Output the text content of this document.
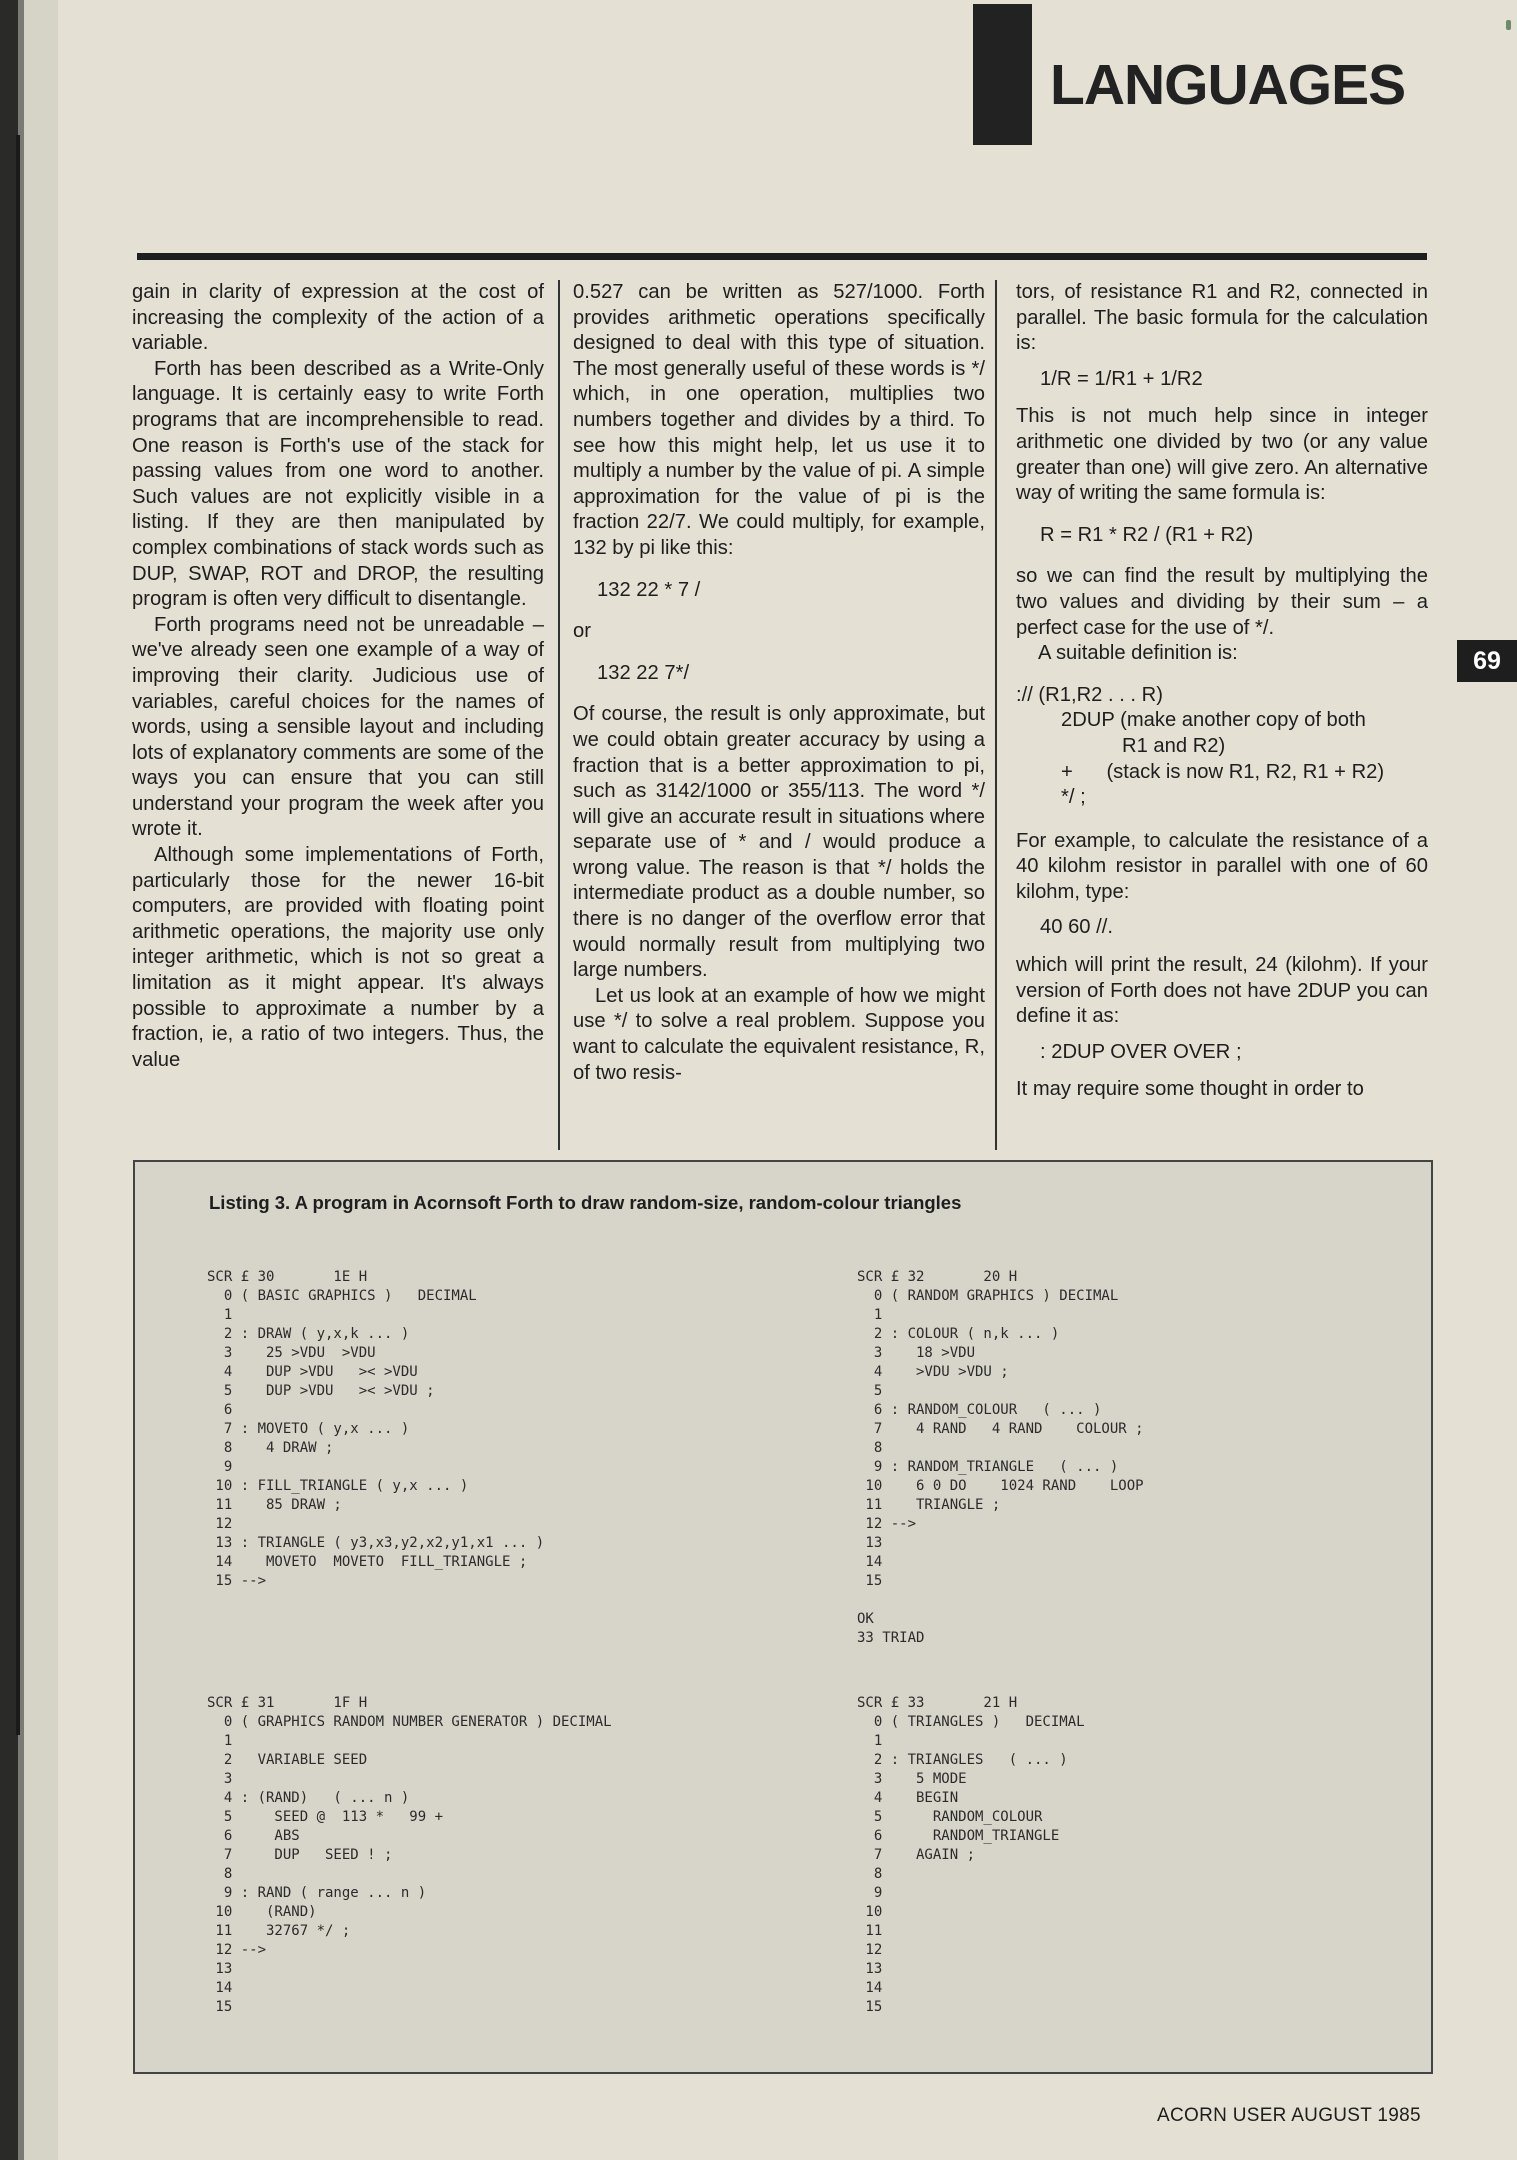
LANGUAGES
69

gain in clarity of expression at the cost of increasing the complexity of the action of a variable.

Forth has been described as a Write-Only language. It is certainly easy to write Forth programs that are incomprehensible to read. One reason is Forth's use of the stack for passing values from one word to another. Such values are not explicitly visible in a listing. If they are then manipulated by complex combinations of stack words such as DUP, SWAP, ROT and DROP, the resulting program is often very difficult to disentangle.

Forth programs need not be unreadable – we've already seen one example of a way of improving their clarity. Judicious use of variables, careful choices for the names of words, using a sensible layout and including lots of explanatory comments are some of the ways you can ensure that you can still understand your program the week after you wrote it.

Although some implementations of Forth, particularly those for the newer 16-bit computers, are provided with floating point arithmetic operations, the majority use only integer arithmetic, which is not so great a limitation as it might appear. It's always possible to approximate a number by a fraction, ie, a ratio of two integers. Thus, the value

0.527 can be written as 527/1000. Forth provides arithmetic operations specifically designed to deal with this type of situation. The most generally useful of these words is */ which, in one operation, multiplies two numbers together and divides by a third. To see how this might help, let us use it to multiply a number by the value of pi. A simple approximation for the value of pi is the fraction 22/7. We could multiply, for example, 132 by pi like this:

132 22 * 7 /
or
132 22 7*/

Of course, the result is only approximate, but we could obtain greater accuracy by using a fraction that is a better approximation to pi, such as 3142/1000 or 355/113. The word */ will give an accurate result in situations where separate use of * and / would produce a wrong value. The reason is that */ holds the intermediate product as a double number, so there is no danger of the overflow error that would normally result from multiplying two large numbers.

Let us look at an example of how we might use */ to solve a real problem. Suppose you want to calculate the equivalent resistance, R, of two resis-

tors, of resistance R1 and R2, connected in parallel. The basic formula for the calculation is:

1/R = 1/R1 + 1/R2

This is not much help since in integer arithmetic one divided by two (or any value greater than one) will give zero. An alternative way of writing the same formula is:

R = R1 * R2 / (R1 + R2)

so we can find the result by multiplying the two values and dividing by their sum – a perfect case for the use of */.

A suitable definition is:

:// (R1,R2 . . . R)
2DUP (make another copy of both
R1 and R2)
+      (stack is now R1, R2, R1 + R2)
*/ ;

For example, to calculate the resistance of a 40 kilohm resistor in parallel with one of 60 kilohm, type:

40 60 //.

which will print the result, 24 (kilohm). If your version of Forth does not have 2DUP you can define it as:

: 2DUP OVER OVER ;

It may require some thought in order to

Listing 3. A program in Acornsoft Forth to draw random-size, random-colour triangles
SCR £ 30       1E H
0 ( BASIC GRAPHICS )   DECIMAL
1
2 : DRAW ( y,x,k ... )
3    25 >VDU  >VDU
4    DUP >VDU   >< >VDU
5    DUP >VDU   >< >VDU ;
6
7 : MOVETO ( y,x ... )
8    4 DRAW ;
9
10 : FILL_TRIANGLE ( y,x ... )
11    85 DRAW ;
12
13 : TRIANGLE ( y3,x3,y2,x2,y1,x1 ... )
14    MOVETO  MOVETO  FILL_TRIANGLE ;
15 -->
SCR £ 32       20 H
0 ( RANDOM GRAPHICS ) DECIMAL
1
2 : COLOUR ( n,k ... )
3    18 >VDU
4    >VDU >VDU ;
5
6 : RANDOM_COLOUR   ( ... )
7    4 RAND   4 RAND    COLOUR ;
8
9 : RANDOM_TRIANGLE   ( ... )
10    6 0 DO    1024 RAND    LOOP
11    TRIANGLE ;
12 -->
13
14
15

OK
33 TRIAD
SCR £ 31       1F H
0 ( GRAPHICS RANDOM NUMBER GENERATOR ) DECIMAL
1
2   VARIABLE SEED
3
4 : (RAND)   ( ... n )
5     SEED @  113 *   99 +
6     ABS
7     DUP   SEED ! ;
8
9 : RAND ( range ... n )
10    (RAND)
11    32767 */ ;
12 -->
13
14
15
SCR £ 33       21 H
0 ( TRIANGLES )   DECIMAL
1
2 : TRIANGLES   ( ... )
3    5 MODE
4    BEGIN
5      RANDOM_COLOUR
6      RANDOM_TRIANGLE
7    AGAIN ;
8
9
10
11
12
13
14
15
ACORN USER AUGUST 1985
